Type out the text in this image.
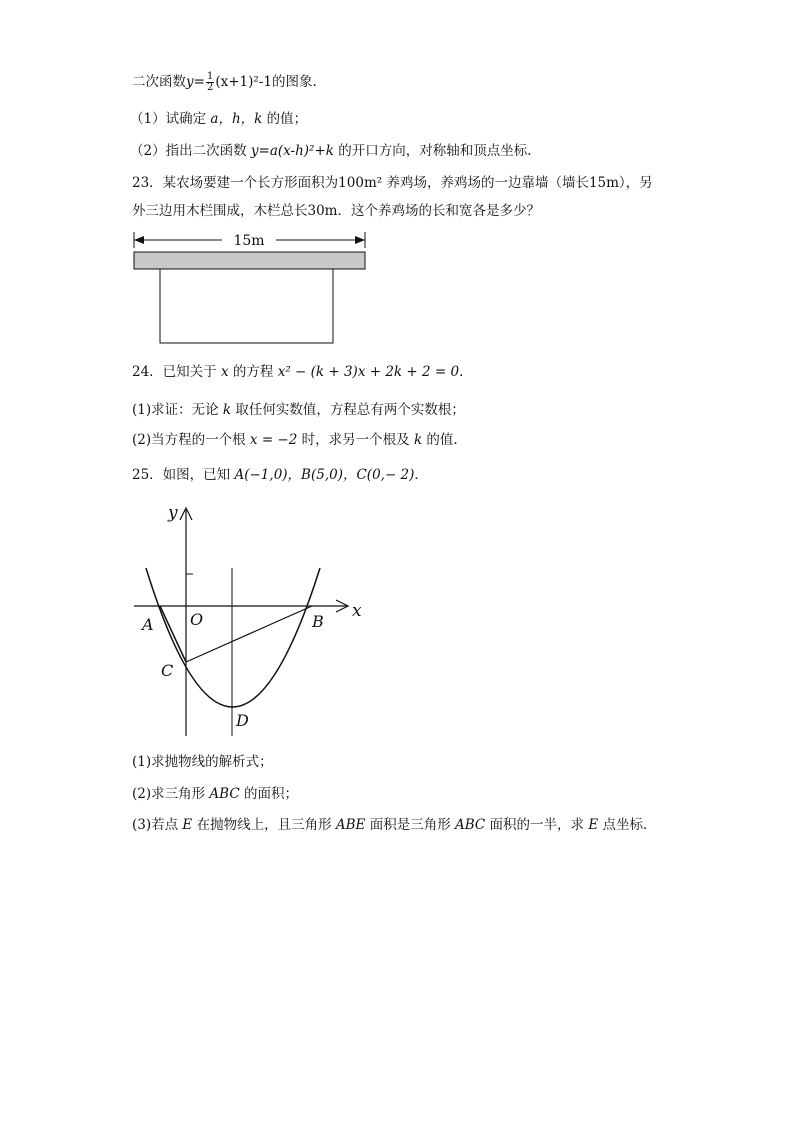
二次函数$y= \frac{1}{2} (x+1)^2-1$的图象.
（1）试确定 a，h，k 的值；
（2）指出二次函数 y=a(x-h)²+k 的开口方向，对称轴和顶点坐标.
23．某农场要建一个长方形面积为100m² 养鸡场，养鸡场的一边靠墙（墙长15m），另
外三边用木栏围成，木栏总长30m．这个养鸡场的长和宽各是多少？
15m
24．已知关于 x 的方程 x² − (k + 3)x + 2k + 2 = 0．
(1)求证：无论 k 取任何实数值，方程总有两个实数根；
(2)当方程的一个根 x = −2 时，求另一个根及 k 的值.
25．如图，已知 A(−1,0)，B(5,0)，C(0,− 2)．
y
x
A O	B
C
D
(1)求抛物线的解析式；
(2)求三角形 ABC 的面积；
(3)若点 E 在抛物线上，且三角形 ABE 面积是三角形 ABC 面积的一半，求 E 点坐标．
